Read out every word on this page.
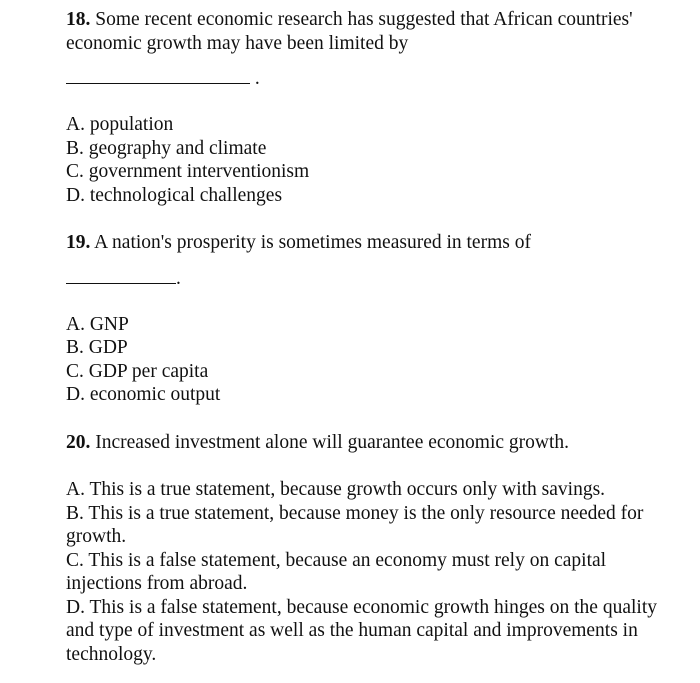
18. Some recent economic research has suggested that African countries' economic growth may have been limited by

.
A. population
B. geography and climate
C. government interventionism
D. technological challenges

19. A nation's prosperity is sometimes measured in terms of

.
A. GNP
B. GDP
C. GDP per capita
D. economic output

20. Increased investment alone will guarantee economic growth.

A. This is a true statement, because growth occurs only with savings.
B. This is a true statement, because money is the only resource needed for growth.
C. This is a false statement, because an economy must rely on capital injections from abroad.
D. This is a false statement, because economic growth hinges on the quality and type of investment as well as the human capital and improvements in technology.
